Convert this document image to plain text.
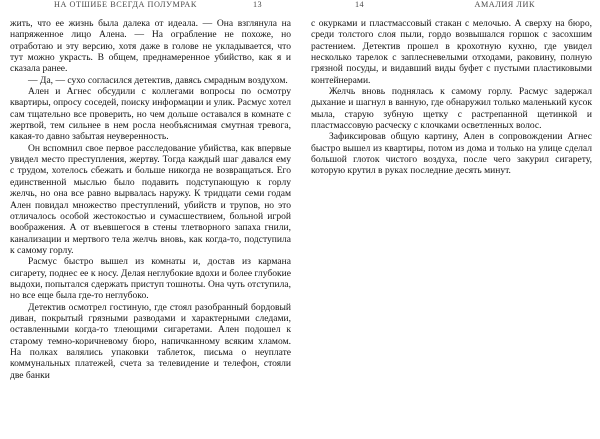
НА ОТШИБЕ ВСЕГДА ПОЛУМРАК	13

жить, что ее жизнь была далека от идеала. — Она взглянула на напряженное лицо Алена. — На ограбление не похоже, но отработаю и эту версию, хотя даже в голове не укладывается, что тут можно украсть. В общем, преднамеренное убийство, как я и сказала ранее.

— Да, — сухо согласился детектив, давясь смрадным воздухом.

Ален и Агнес обсудили с коллегами вопросы по осмотру квартиры, опросу соседей, поиску информации и улик. Расмус хотел сам тщательно все проверить, но чем дольше оставался в комнате с жертвой, тем сильнее в нем росла необъяснимая смутная тревога, какая-то давно забытая неуверенность.

Он вспомнил свое первое расследование убийства, как впервые увидел место преступления, жертву. Тогда каждый шаг давался ему с трудом, хотелось сбежать и больше никогда не возвращаться. Его единственной мыслью было подавить подступающую к горлу желчь, но она все равно вырвалась наружу. К тридцати семи годам Ален повидал множество преступлений, убийств и трупов, но это отличалось особой жестокостью и сумасшествием, больной игрой воображения. А от въевшегося в стены тлетворного запаха гнили, канализации и мертвого тела желчь вновь, как когда-то, подступила к самому горлу.

Расмус быстро вышел из комнаты и, достав из кармана сигарету, поднес ее к носу. Делая неглубокие вдохи и более глубокие выдохи, попытался сдержать приступ тошноты. Она чуть отступила, но все еще была где-то неглубоко.

Детектив осмотрел гостиную, где стоял разобранный бордовый диван, покрытый грязными разводами и характерными следами, оставленными когда-то тлеющими сигаретами. Ален подошел к старому темно-коричневому бюро, напичканному всяким хламом. На полках валялись упаковки таблеток, письма о неуплате коммунальных платежей, счета за телевидение и телефон, стояли две банки

14	АМАЛИЯ ЛИК

с окурками и пластмассовый стакан с мелочью. А сверху на бюро, среди толстого слоя пыли, гордо возвышался горшок с засохшим растением. Детектив прошел в крохотную кухню, где увидел несколько тарелок с заплесневелыми отходами, раковину, полную грязной посуды, и видавший виды буфет с пустыми пластиковыми контейнерами.

Желчь вновь поднялась к самому горлу. Расмус задержал дыхание и шагнул в ванную, где обнаружил только маленький кусок мыла, старую зубную щетку с растрепанной щетинкой и пластмассовую расческу с клочками осветленных волос.

Зафиксировав общую картину, Ален в сопровождении Агнес быстро вышел из квартиры, потом из дома и только на улице сделал большой глоток чистого воздуха, после чего закурил сигарету, которую крутил в руках последние десять минут.
